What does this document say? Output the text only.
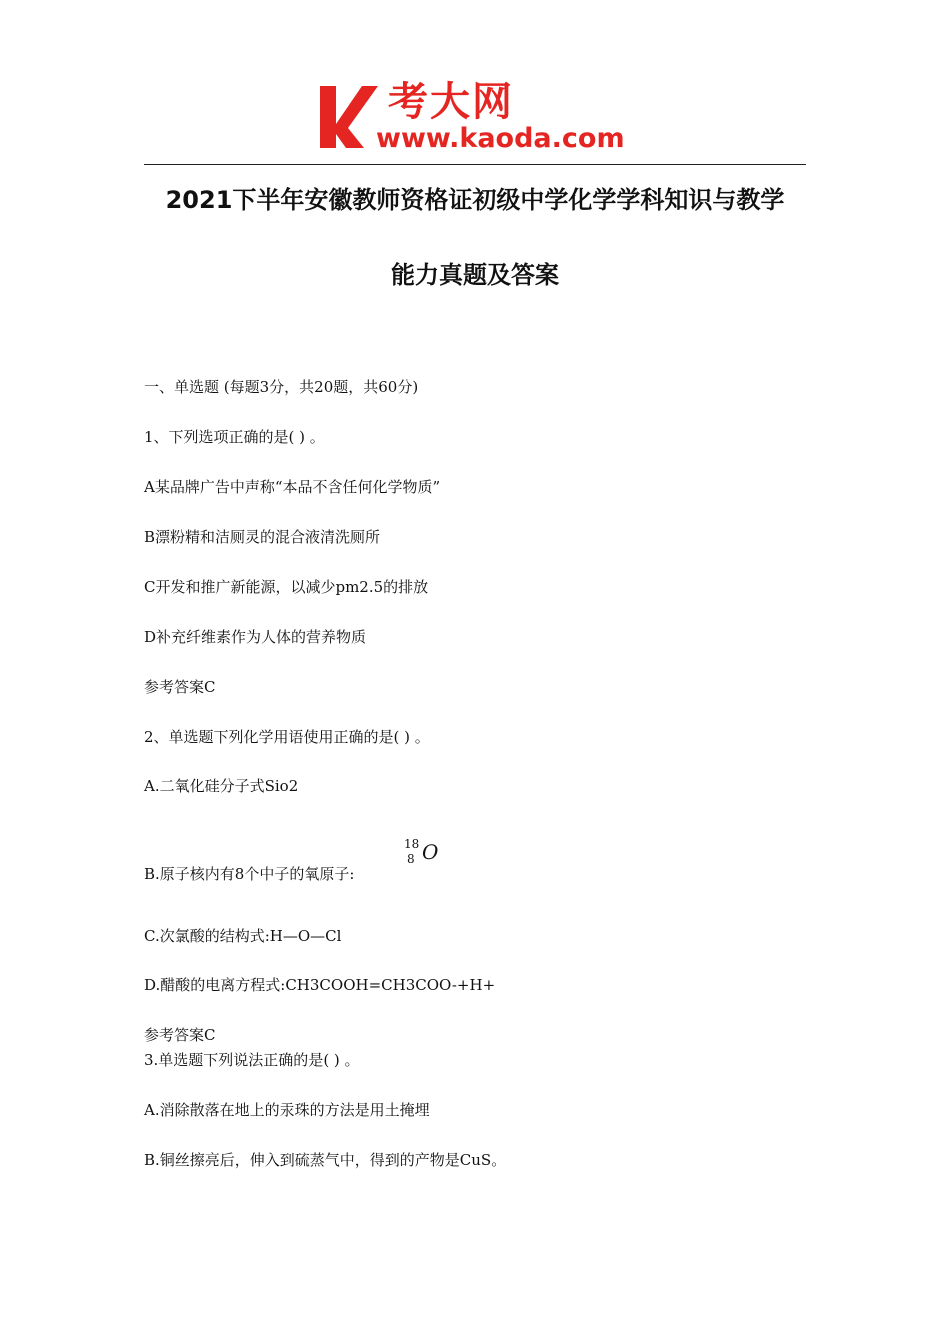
考大网
www.kaoda.com
2021下半年安徽教师资格证初级中学化学学科知识与教学
能力真题及答案
一、单选题 (每题3分，共20题，共60分)
1、下列选项正确的是( ) 。
A某品牌广告中声称“本品不含任何化学物质”
B漂粉精和洁厕灵的混合液清洗厕所
C开发和推广新能源，以减少pm2.5的排放
D补充纤维素作为人体的营养物质
参考答案C
2、单选题下列化学用语使用正确的是( ) 。
A.二氧化硅分子式Sio2
18
8 O
B.原子核内有8个中子的氧原子:
C.次氯酸的结构式:H—O—Cl
D.醋酸的电离方程式:CH3COOH=CH3COO-+H+
参考答案C
3.单选题下列说法正确的是( ) 。
A.消除散落在地上的汞珠的方法是用土掩埋
B.铜丝擦亮后，伸入到硫蒸气中，得到的产物是CuS。
